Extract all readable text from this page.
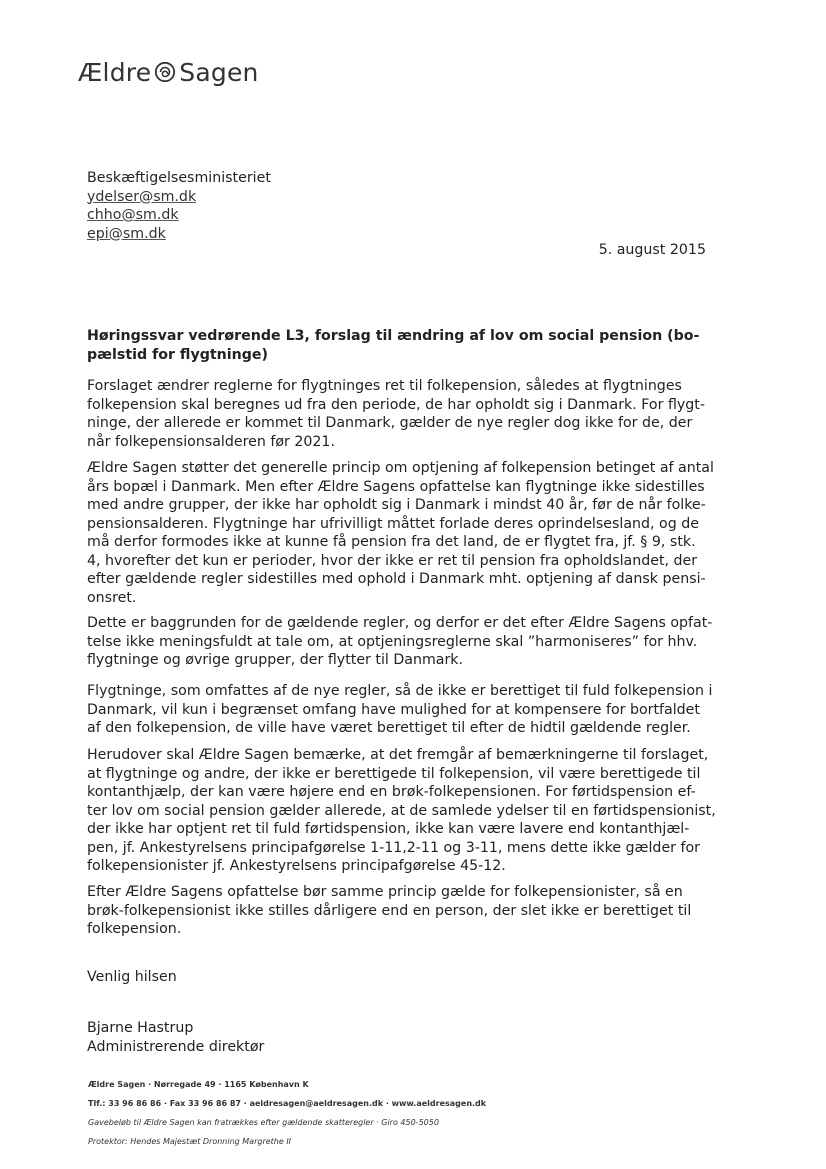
Ældre Sagen
Beskæftigelsesministeriet
ydelser@sm.dk
chho@sm.dk
epi@sm.dk
5. august 2015
Høringssvar vedrørende L3, forslag til ændring af lov om social pension (bo-
pælstid for flygtninge)
Forslaget ændrer reglerne for flygtninges ret til folkepension, således at flygtninges
folkepension skal beregnes ud fra den periode, de har opholdt sig i Danmark. For flygt-
ninge, der allerede er kommet til Danmark, gælder de nye regler dog ikke for de, der
når folkepensionsalderen før 2021.
Ældre Sagen støtter det generelle princip om optjening af folkepension betinget af antal
års bopæl i Danmark. Men efter Ældre Sagens opfattelse kan flygtninge ikke sidestilles
med andre grupper, der ikke har opholdt sig i Danmark i mindst 40 år, før de når folke-
pensionsalderen. Flygtninge har ufrivilligt måttet forlade deres oprindelsesland, og de
må derfor formodes ikke at kunne få pension fra det land, de er flygtet fra, jf. § 9, stk.
4, hvorefter det kun er perioder, hvor der ikke er ret til pension fra opholdslandet, der
efter gældende regler sidestilles med ophold i Danmark mht. optjening af dansk pensi-
onsret.
Dette er baggrunden for de gældende regler, og derfor er det efter Ældre Sagens opfat-
telse ikke meningsfuldt at tale om, at optjeningsreglerne skal ”harmoniseres” for hhv.
flygtninge og øvrige grupper, der flytter til Danmark.
Flygtninge, som omfattes af de nye regler, så de ikke er berettiget til fuld folkepension i
Danmark, vil kun i begrænset omfang have mulighed for at kompensere for bortfaldet
af den folkepension, de ville have været berettiget til efter de hidtil gældende regler.
Herudover skal Ældre Sagen bemærke, at det fremgår af bemærkningerne til forslaget,
at flygtninge og andre, der ikke er berettigede til folkepension, vil være berettigede til
kontanthjælp, der kan være højere end en brøk-folkepensionen. For førtidspension ef-
ter lov om social pension gælder allerede, at de samlede ydelser til en førtidspensionist,
der ikke har optjent ret til fuld førtidspension, ikke kan være lavere end kontanthjæl-
pen, jf. Ankestyrelsens principafgørelse 1-11,2-11 og 3-11, mens dette ikke gælder for
folkepensionister jf. Ankestyrelsens principafgørelse 45-12.
Efter Ældre Sagens opfattelse bør samme princip gælde for folkepensionister, så en
brøk-folkepensionist ikke stilles dårligere end en person, der slet ikke er berettiget til
folkepension.
Venlig hilsen
Bjarne Hastrup
Administrerende direktør
Ældre Sagen · Nørregade 49 · 1165 København K
Tlf.: 33 96 86 86 · Fax 33 96 86 87 · aeldresagen@aeldresagen.dk · www.aeldresagen.dk
Gavebeløb til Ældre Sagen kan fratrækkes efter gældende skatteregler · Giro 450-5050
Protektor: Hendes Majestæt Dronning Margrethe II
